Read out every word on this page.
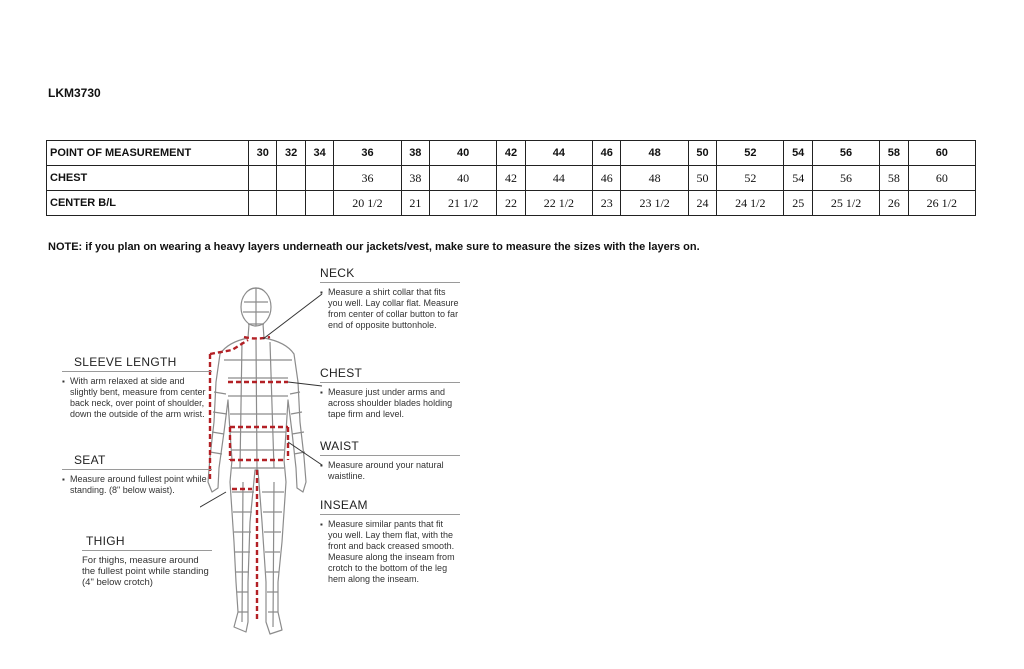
LKM3730
POINT OF MEASUREMENT	30	32	34	36	38	40	42	44	46	48	50	52	54	56	58	60
CHEST				36	38	40	42	44	46	48	50	52	54	56	58	60
CENTER B/L				20 1/2	21	21 1/2	22	22 1/2	23	23 1/2	24	24 1/2	25	25 1/2	26	26 1/2
NOTE: if you plan on wearing a heavy layers underneath our jackets/vest, make sure to measure the sizes with the layers on.
NECK
▪ Measure a shirt collar that fits you well. Lay collar flat. Measure from center of collar button to far end of opposite buttonhole.
CHEST
▪ Measure just under arms and across shoulder blades holding tape firm and level.
WAIST
▪ Measure around your natural waistline.
INSEAM
▪ Measure similar pants that fit you well. Lay them flat, with the front and back creased smooth. Measure along the inseam from crotch to the bottom of the leg hem along the inseam.
SLEEVE LENGTH
▪ With arm relaxed at side and slightly bent, measure from center back neck, over point of shoulder, down the outside of the arm wrist.
SEAT
▪ Measure around fullest point while standing. (8" below waist).
THIGH
For thighs, measure around the fullest point while standing (4" below crotch)
